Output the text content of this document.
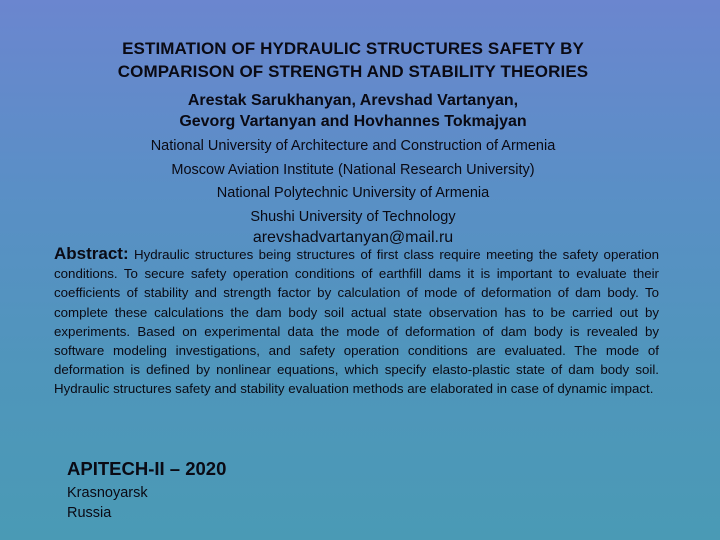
ESTIMATION OF HYDRAULIC STRUCTURES SAFETY BY
COMPARISON OF STRENGTH AND STABILITY THEORIES
Arestak Sarukhanyan, Arevshad Vartanyan,
Gevorg Vartanyan and Hovhannes Tokmajyan
National University of Architecture and Construction of Armenia
Moscow Aviation Institute (National Research University)
National Polytechnic University of Armenia
Shushi University of Technology
arevshadvartanyan@mail.ru
Abstract: Hydraulic structures being structures of first class require meeting the safety operation conditions. To secure safety operation conditions of earthfill dams it is important to evaluate their coefficients of stability and strength factor by calculation of mode of deformation of dam body. To complete these calculations the dam body soil actual state observation has to be carried out by experiments. Based on experimental data the mode of deformation of dam body is revealed by software modeling investigations, and safety operation conditions are evaluated. The mode of deformation is defined by nonlinear equations, which specify elasto-plastic state of dam body soil. Hydraulic structures safety and stability evaluation methods are elaborated in case of dynamic impact.
APITECH-II – 2020
Krasnoyarsk
Russia
